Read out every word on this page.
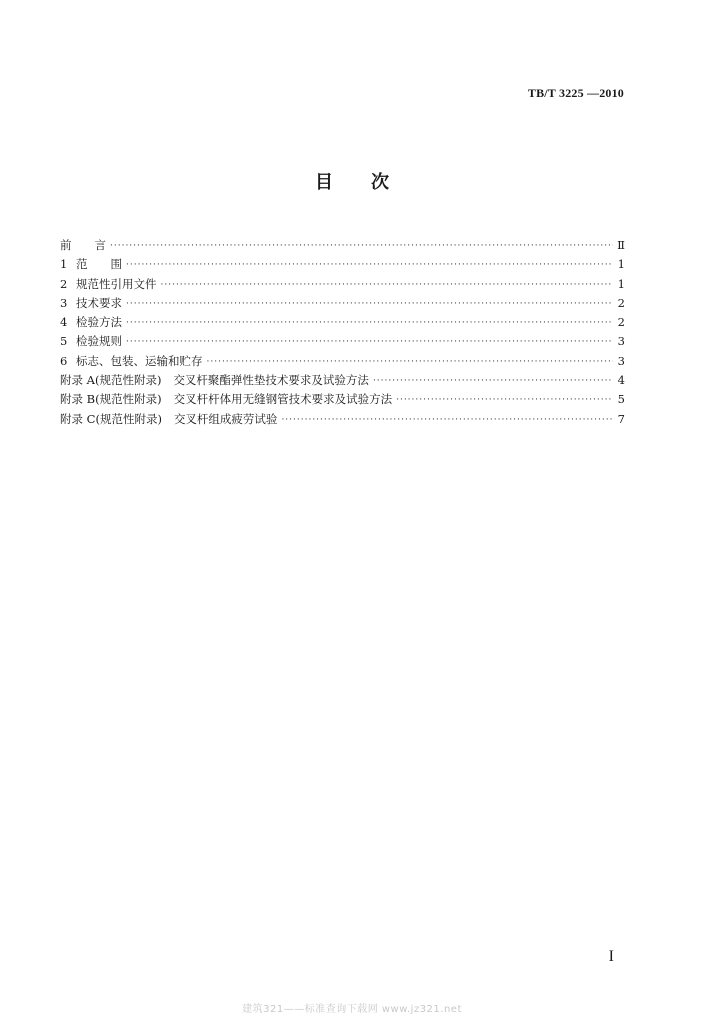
TB/T 3225 —2010
目 次
前　　言 ·····	Ⅱ
1 范　　围 ·····	1
2 规范性引用文件 ·····	1
3 技术要求 ·····	2
4 检验方法 ·····	2
5 检验规则 ·····	3
6 标志、包装、运输和贮存 ·····	3
附录 A(规范性附录) 交叉杆聚酯弹性垫技术要求及试验方法 ·····	4
附录 B(规范性附录) 交叉杆杆体用无缝钢管技术要求及试验方法 ·····	5
附录 C(规范性附录) 交叉杆组成疲劳试验 ·····	7
I
建筑321——标准查询下载网 www.jz321.net
